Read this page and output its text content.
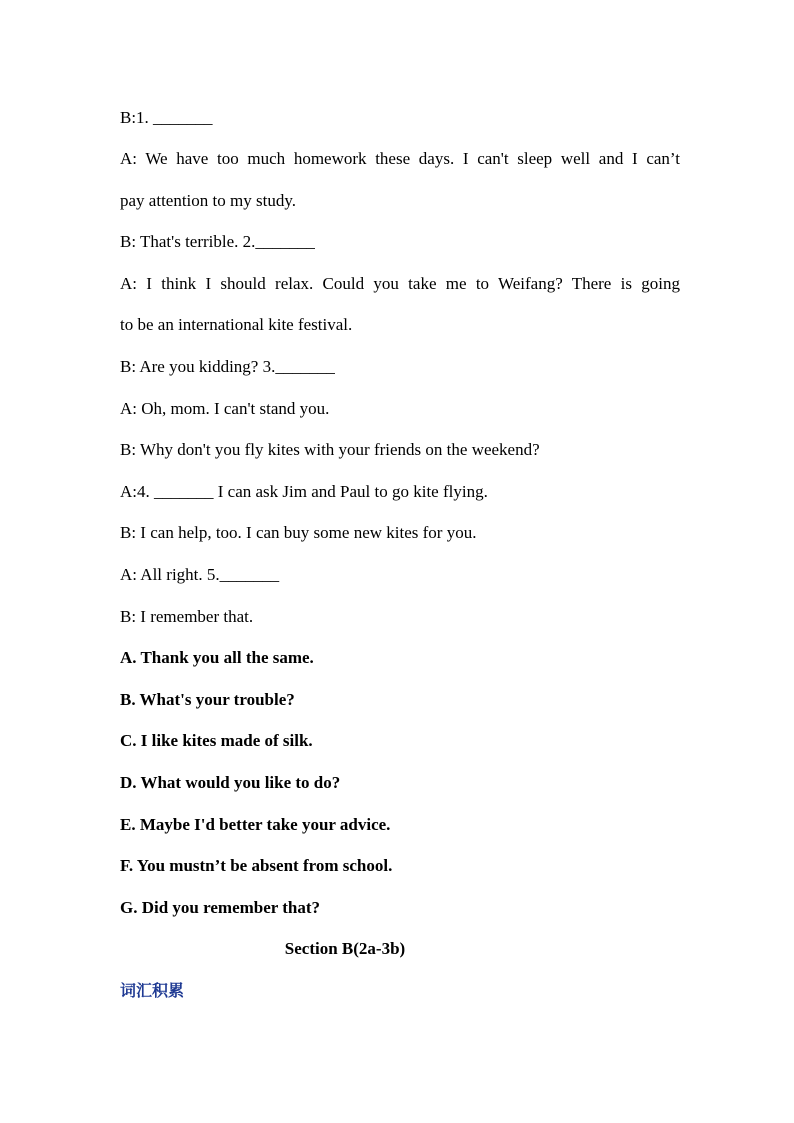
B:1. _______
A: We have too much homework these days. I can't sleep well and I can’t
pay attention to my study.
B: That's terrible. 2._______
A: I think I should relax. Could you take me to Weifang? There is going
to be an international kite festival.
B: Are you kidding? 3._______
A: Oh, mom. I can't stand you.
B: Why don't you fly kites with your friends on the weekend?
A:4. _______ I can ask Jim and Paul to go kite flying.
B: I can help, too. I can buy some new kites for you.
A: All right. 5._______
B: I remember that.
A. Thank you all the same.
B. What's your trouble?
C. I like kites made of silk.
D. What would you like to do?
E. Maybe I'd better take your advice.
F. You mustn’t be absent from school.
G. Did you remember that?
Section B(2a-3b)
词汇积累
